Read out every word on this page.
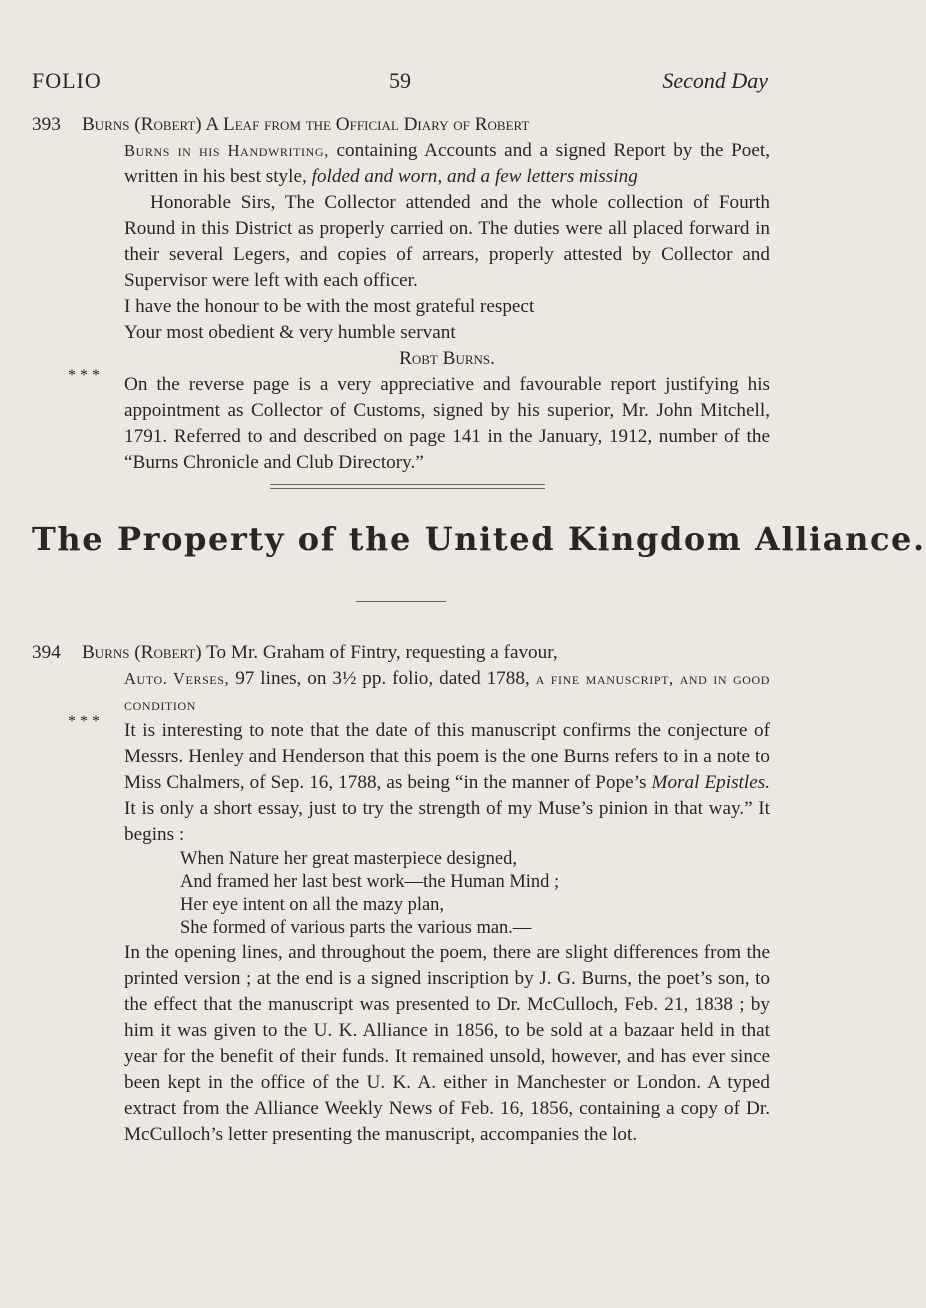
FOLIO	59	Second Day
393	Burns (Robert) A Leaf from the Official Diary of Robert

Burns in his Handwriting, containing Accounts and a signed Report by the Poet, written in his best style, folded and worn, and a few letters missing

Honorable Sirs, The Collector attended and the whole collection of Fourth Round in this District as properly carried on. The duties were all placed forward in their several Legers, and copies of arrears, properly attested by Collector and Supervisor were left with each officer.

I have the honour to be with the most grateful respect

Your most obedient & very humble servant

Robt Burns.

* * * On the reverse page is a very appreciative and favourable report justifying his appointment as Collector of Customs, signed by his superior, Mr. John Mitchell, 1791. Referred to and described on page 141 in the January, 1912, number of the “Burns Chronicle and Club Directory.”

The Property of the United Kingdom Alliance.
394	Burns (Robert) To Mr. Graham of Fintry, requesting a favour,

Auto. Verses, 97 lines, on 3½ pp. folio, dated 1788, a fine manuscript, and in good condition

* * * It is interesting to note that the date of this manuscript confirms the conjecture of Messrs. Henley and Henderson that this poem is the one Burns refers to in a note to Miss Chalmers, of Sep. 16, 1788, as being “in the manner of Pope’s Moral Epistles. It is only a short essay, just to try the strength of my Muse’s pinion in that way.” It begins :

When Nature her great masterpiece designed,
And framed her last best work—the Human Mind ;
Her eye intent on all the mazy plan,
She formed of various parts the various man.—

In the opening lines, and throughout the poem, there are slight differences from the printed version ; at the end is a signed inscription by J. G. Burns, the poet’s son, to the effect that the manuscript was presented to Dr. McCulloch, Feb. 21, 1838 ; by him it was given to the U. K. Alliance in 1856, to be sold at a bazaar held in that year for the benefit of their funds. It remained unsold, however, and has ever since been kept in the office of the U. K. A. either in Manchester or London. A typed extract from the Alliance Weekly News of Feb. 16, 1856, containing a copy of Dr. McCulloch’s letter presenting the manuscript, accompanies the lot.
